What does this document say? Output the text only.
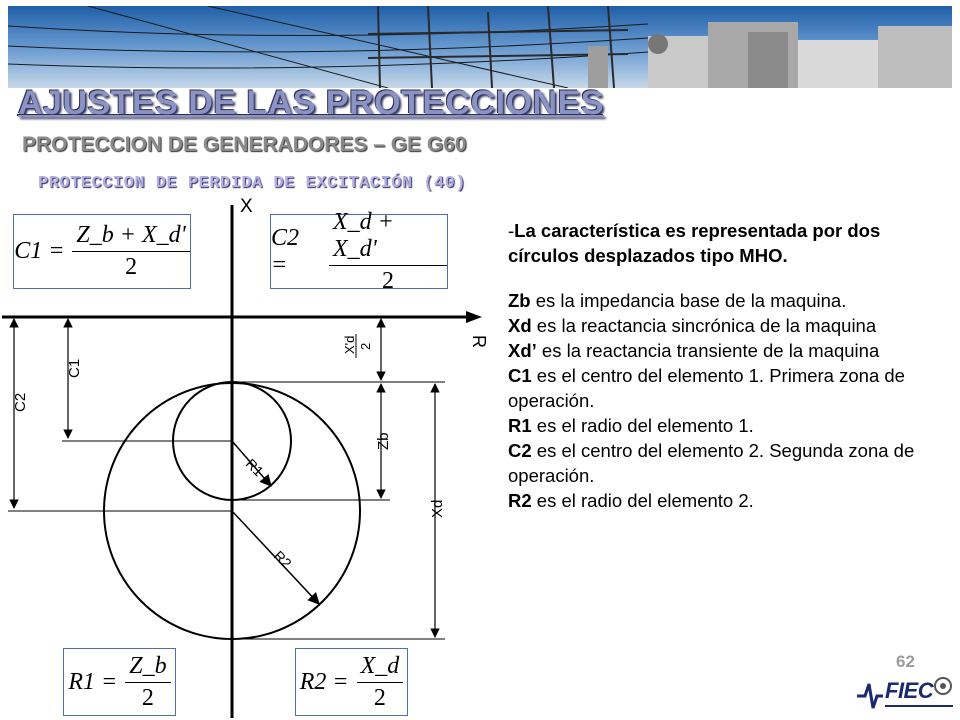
AJUSTES DE LAS PROTECCIONES
PROTECCION DE GENERADORES – GE G60
PROTECCION DE PERDIDA DE EXCITACIÓN (40)
X
R
R1
R2
C2
C1
X'd 2
Zb
Xd
$C1 = \frac{Z\_b + X\_d'}{2}$	C2 =	$\frac{X\_d + X\_d'}{2}$
$R1 = \frac{Z\_b}{2}$	$R2 = \frac{X\_d}{2}$

-La característica es representada por dos círculos desplazados tipo MHO.

Zb es la impedancia base de la maquina.

Xd es la reactancia sincrónica de la maquina

Xd’ es la reactancia transiente de la maquina

C1 es el centro del elemento 1. Primera zona de operación.

R1 es el radio del elemento 1.

C2 es el centro del elemento 2. Segunda zona de operación.

R2 es el radio del elemento 2.

62
FIEC
